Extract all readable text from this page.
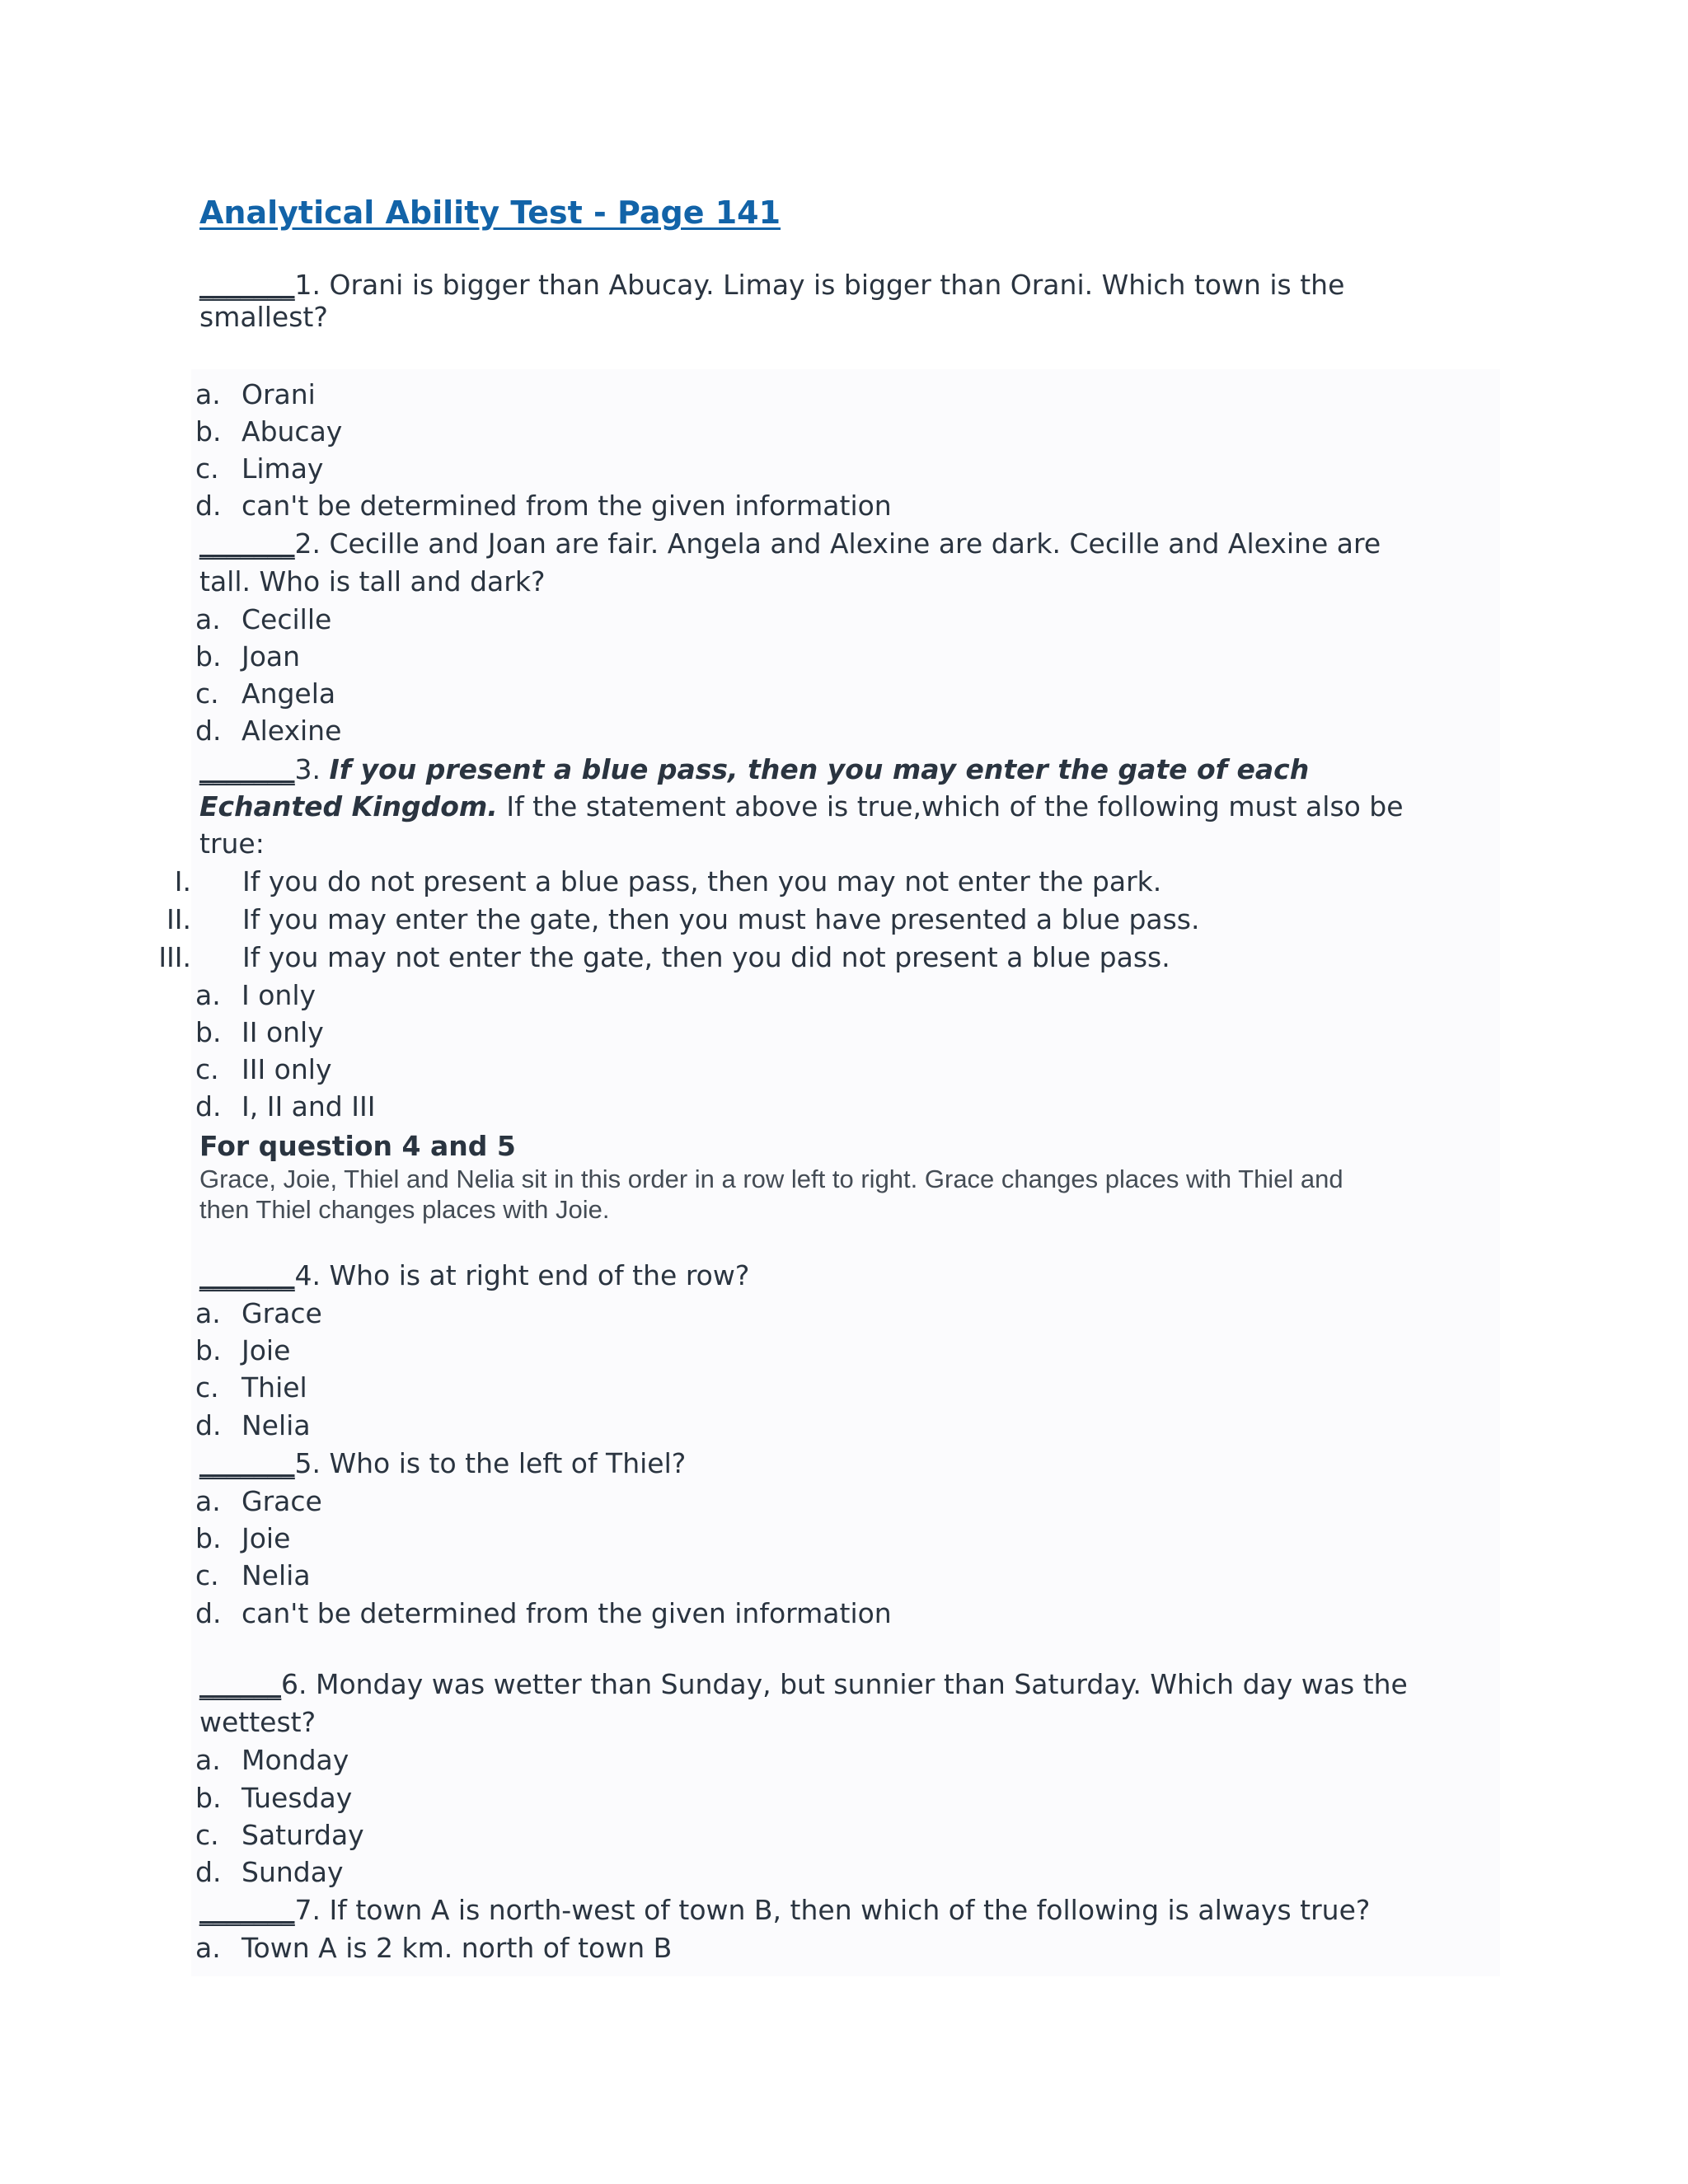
Analytical Ability Test - Page 141
_______1. Orani is bigger than Abucay. Limay is bigger than Orani. Which town is the
smallest?
a. Orani
b. Abucay
c. Limay
d. can't be determined from the given information
_______2. Cecille and Joan are fair. Angela and Alexine are dark. Cecille and Alexine are
tall. Who is tall and dark?
a. Cecille
b. Joan
c. Angela
d. Alexine
_______3. If you present a blue pass, then you may enter the gate of each
Echanted Kingdom. If the statement above is true,which of the following must also be
true:
I. If you do not present a blue pass, then you may not enter the park.
II. If you may enter the gate, then you must have presented a blue pass.
III. If you may not enter the gate, then you did not present a blue pass.
a. I only
b. II only
c. III only
d. I, II and III
For question 4 and 5
Grace, Joie, Thiel and Nelia sit in this order in a row left to right. Grace changes places with Thiel and
then Thiel changes places with Joie.
_______4. Who is at right end of the row?
a. Grace
b. Joie
c. Thiel
d. Nelia
_______5. Who is to the left of Thiel?
a. Grace
b. Joie
c. Nelia
d. can't be determined from the given information
______6. Monday was wetter than Sunday, but sunnier than Saturday. Which day was the
wettest?
a. Monday
b. Tuesday
c. Saturday
d. Sunday
_______7. If town A is north-west of town B, then which of the following is always true?
a. Town A is 2 km. north of town B
